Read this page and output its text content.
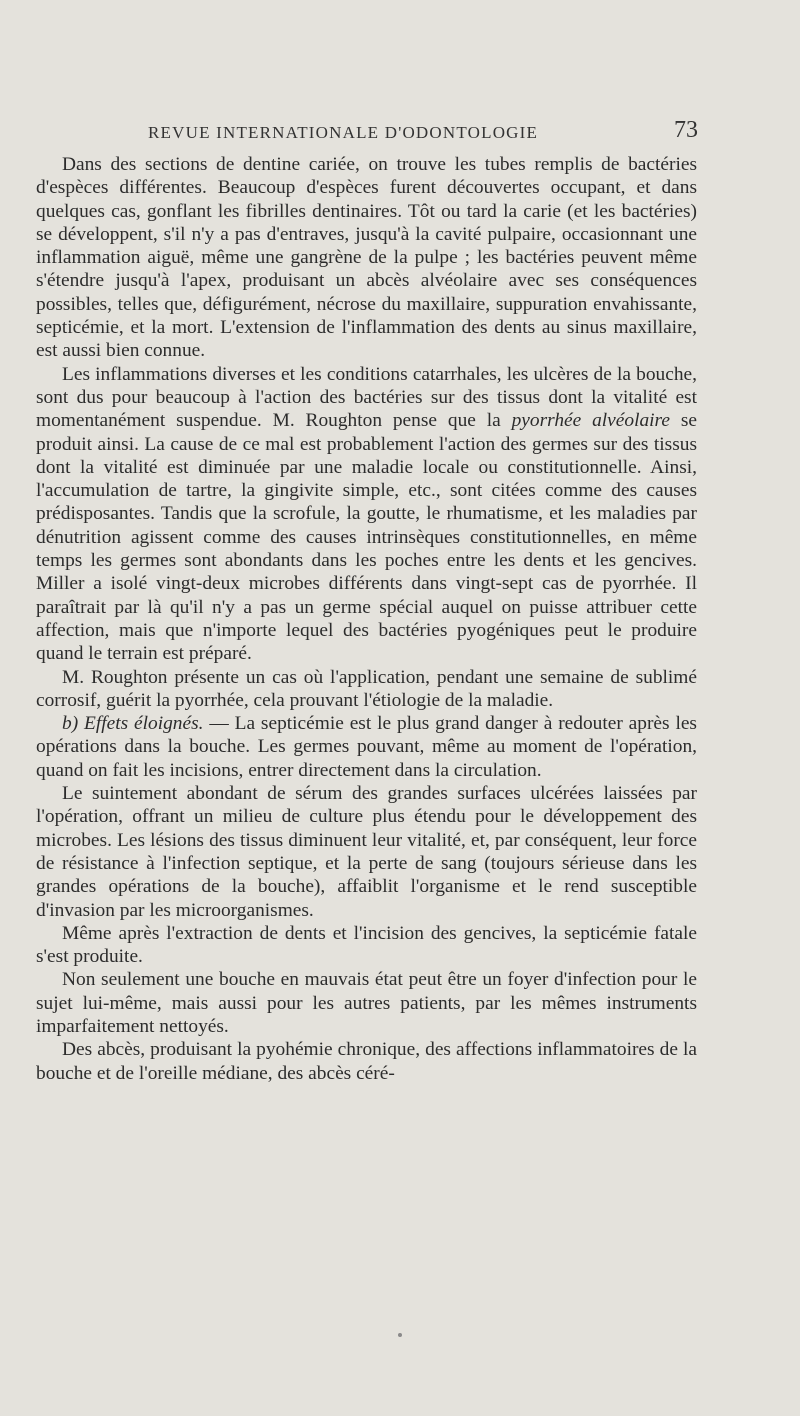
REVUE INTERNATIONALE D'ODONTOLOGIE	73

Dans des sections de dentine cariée, on trouve les tubes remplis de bactéries d'espèces différentes. Beaucoup d'espèces furent découvertes occupant, et dans quelques cas, gonflant les fibrilles dentinaires. Tôt ou tard la carie (et les bactéries) se développent, s'il n'y a pas d'entraves, jusqu'à la cavité pulpaire, occasionnant une inflammation aiguë, même une gangrène de la pulpe ; les bactéries peuvent même s'étendre jusqu'à l'apex, produisant un abcès alvéolaire avec ses conséquences possibles, telles que, défigurément, nécrose du maxillaire, suppuration envahissante, septicémie, et la mort. L'extension de l'inflammation des dents au sinus maxillaire, est aussi bien connue.

Les inflammations diverses et les conditions catarrhales, les ulcères de la bouche, sont dus pour beaucoup à l'action des bactéries sur des tissus dont la vitalité est momentanément suspendue. M. Roughton pense que la pyorrhée alvéolaire se produit ainsi. La cause de ce mal est probablement l'action des germes sur des tissus dont la vitalité est diminuée par une maladie locale ou constitutionnelle. Ainsi, l'accumulation de tartre, la gingivite simple, etc., sont citées comme des causes prédisposantes. Tandis que la scrofule, la goutte, le rhumatisme, et les maladies par dénutrition agissent comme des causes intrinsèques constitutionnelles, en même temps les germes sont abondants dans les poches entre les dents et les gencives. Miller a isolé vingt-deux microbes différents dans vingt-sept cas de pyorrhée. Il paraîtrait par là qu'il n'y a pas un germe spécial auquel on puisse attribuer cette affection, mais que n'importe lequel des bactéries pyogéniques peut le produire quand le terrain est préparé.

M. Roughton présente un cas où l'application, pendant une semaine de sublimé corrosif, guérit la pyorrhée, cela prouvant l'étiologie de la maladie.

b) Effets éloignés. — La septicémie est le plus grand danger à redouter après les opérations dans la bouche. Les germes pouvant, même au moment de l'opération, quand on fait les incisions, entrer directement dans la circulation.

Le suintement abondant de sérum des grandes surfaces ulcérées laissées par l'opération, offrant un milieu de culture plus étendu pour le développement des microbes. Les lésions des tissus diminuent leur vitalité, et, par conséquent, leur force de résistance à l'infection septique, et la perte de sang (toujours sérieuse dans les grandes opérations de la bouche), affaiblit l'organisme et le rend susceptible d'invasion par les microorganismes.

Même après l'extraction de dents et l'incision des gencives, la septicémie fatale s'est produite.

Non seulement une bouche en mauvais état peut être un foyer d'infection pour le sujet lui-même, mais aussi pour les autres patients, par les mêmes instruments imparfaitement nettoyés.

Des abcès, produisant la pyohémie chronique, des affections inflammatoires de la bouche et de l'oreille médiane, des abcès céré-
